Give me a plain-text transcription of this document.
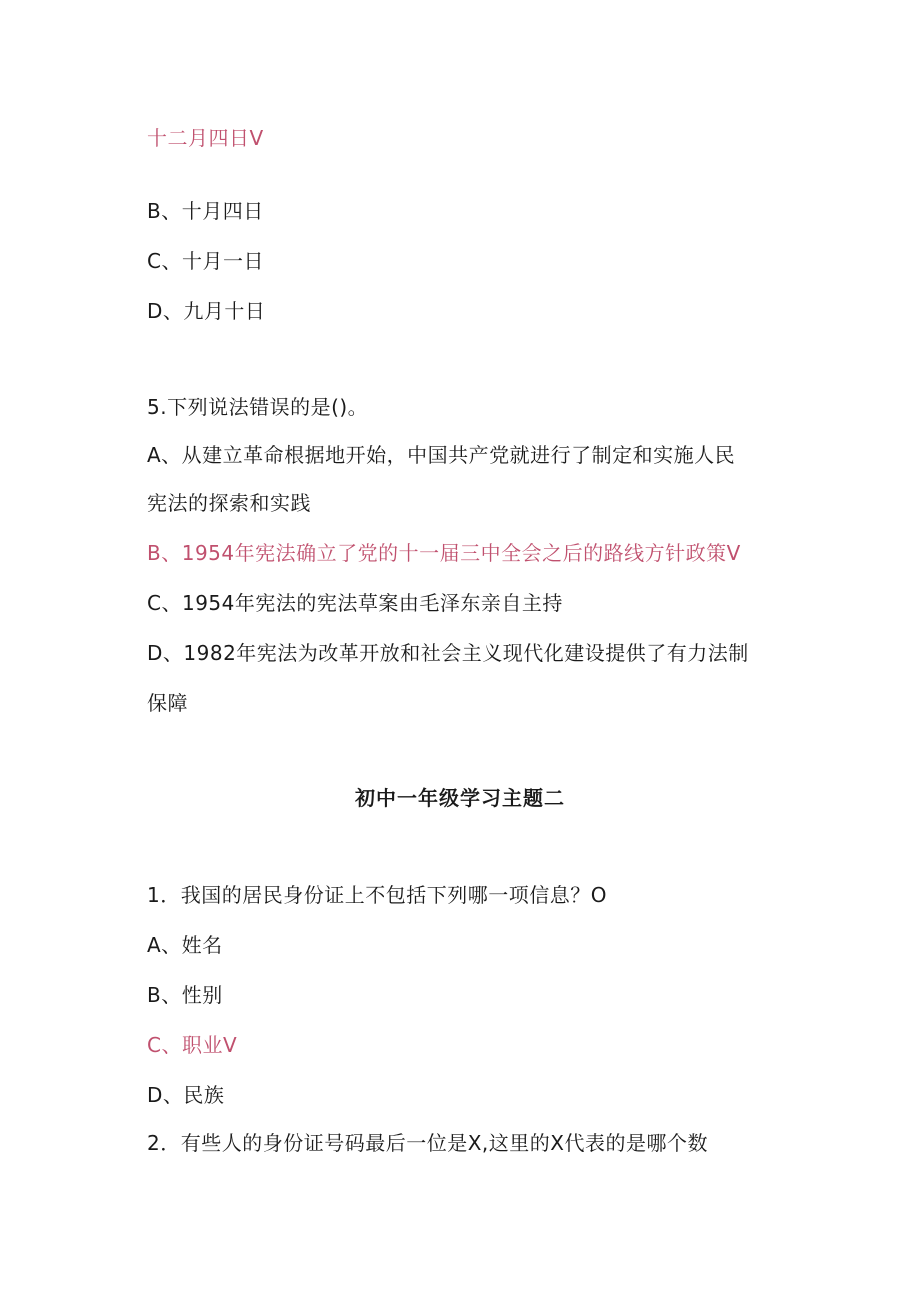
十二月四日V
B、十月四日
C、十月一日
D、九月十日
5.下列说法错误的是()。
A、从建立革命根据地开始，中国共产党就进行了制定和实施人民
宪法的探索和实践
B、1954年宪法确立了党的十一届三中全会之后的路线方针政策V
C、1954年宪法的宪法草案由毛泽东亲自主持
D、1982年宪法为改革开放和社会主义现代化建设提供了有力法制
保障
初中一年级学习主题二
1．我国的居民身份证上不包括下列哪一项信息？O
A、姓名
B、性别
C、职业V
D、民族
2．有些人的身份证号码最后一位是X,这里的X代表的是哪个数
